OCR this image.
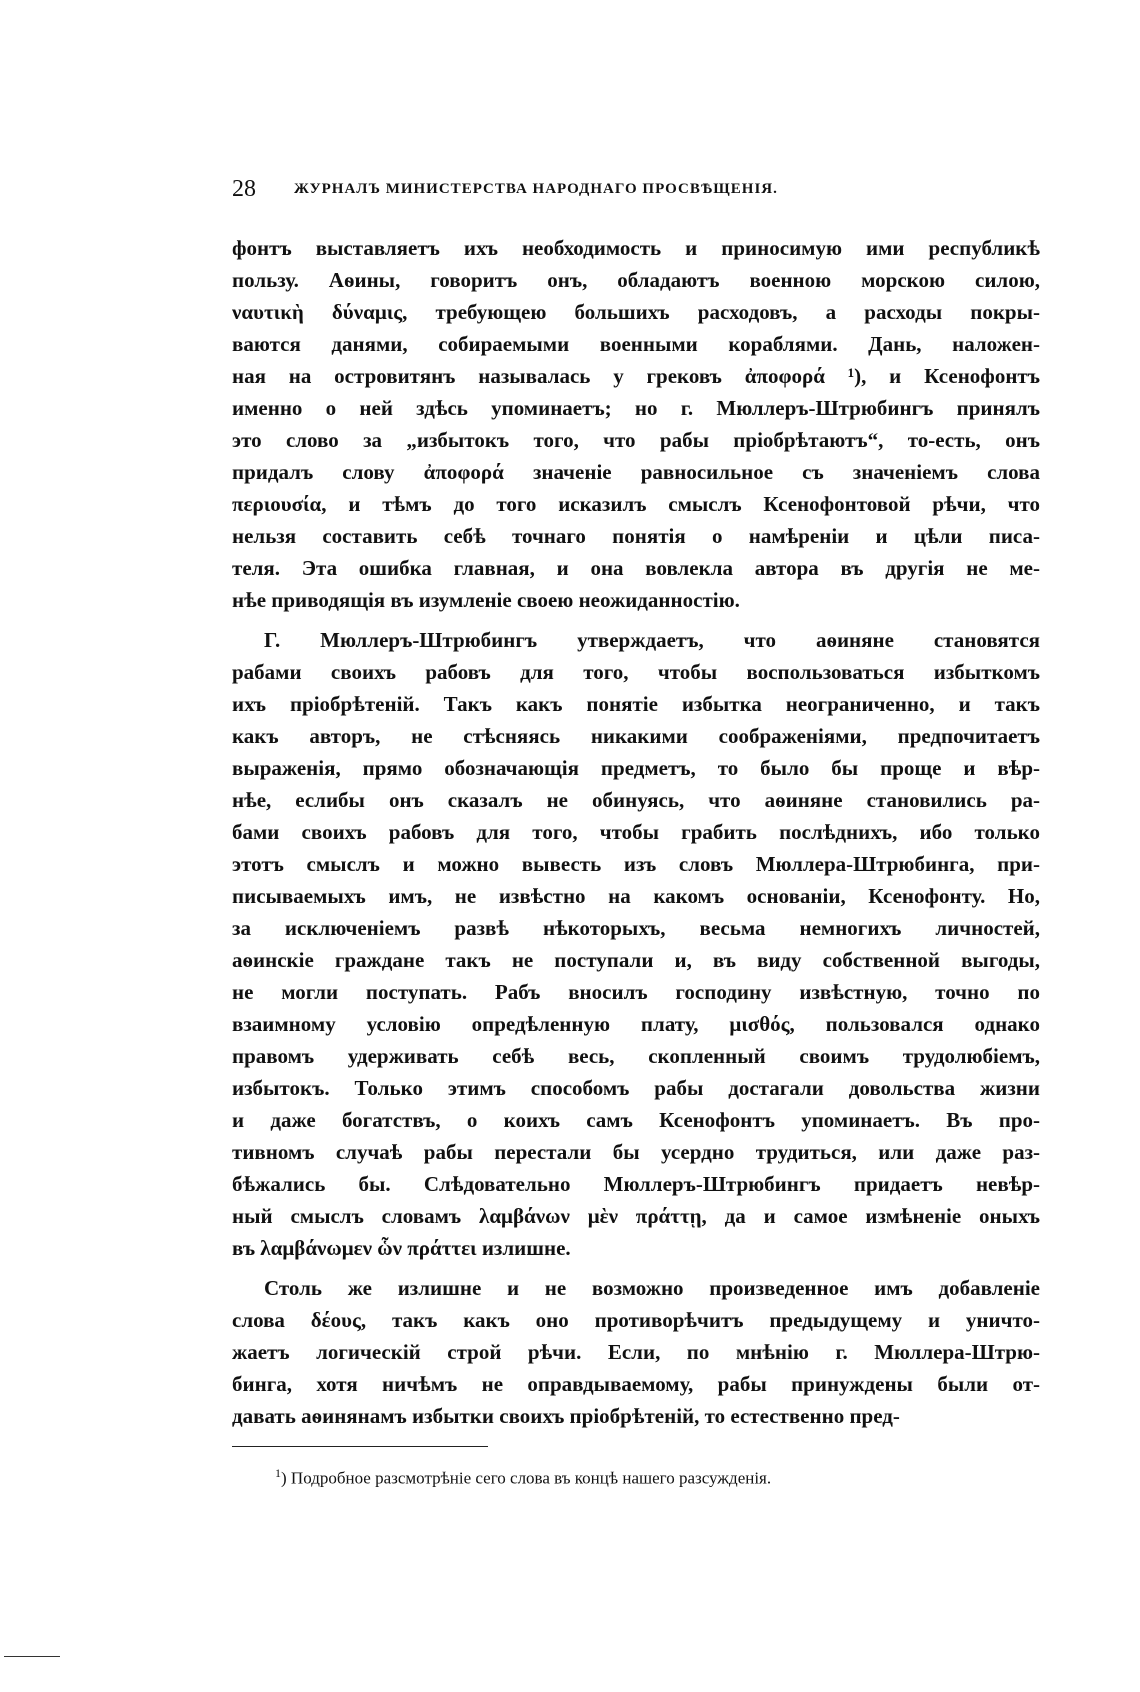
28	ЖУРНАЛЪ МИНИСТЕРСТВА НАРОДНАГО ПРОСВѢЩЕНІЯ.
фонтъ выставляетъ ихъ необходимость и приносимую ими республикѣ
пользу. Аѳины, говоритъ онъ, обладаютъ военною морскою силою,
ναυτικὴ δύναμις, требующею большихъ расходовъ, а расходы покры-
ваются данями, собираемыми военными кораблями. Дань, наложен-
ная на островитянъ называлась у грековъ ἀποφορά ¹), и Ксенофонтъ
именно о ней здѣсь упоминаетъ; но г. Мюллеръ-Штрюбингъ принялъ
это слово за „избытокъ того, что рабы пріобрѣтаютъ“, то-есть, онъ
придалъ слову ἀποφορά значеніе равносильное съ значеніемъ слова
περιουσία, и тѣмъ до того исказилъ смыслъ Ксенофонтовой рѣчи, что
нельзя составить себѣ точнаго понятія о намѣреніи и цѣли писа-
теля. Эта ошибка главная, и она вовлекла автора въ другія не ме-
нѣе приводящія въ изумленіе своею неожиданностію.
Г. Мюллеръ-Штрюбингъ утверждаетъ, что аѳиняне становятся
рабами своихъ рабовъ для того, чтобы воспользоваться избыткомъ
ихъ пріобрѣтеній. Такъ какъ понятіе избытка неограниченно, и такъ
какъ авторъ, не стѣсняясь никакими соображеніями, предпочитаетъ
выраженія, прямо обозначающія предметъ, то было бы проще и вѣр-
нѣе, еслибы онъ сказалъ не обинуясь, что аѳиняне становились ра-
бами своихъ рабовъ для того, чтобы грабить послѣднихъ, ибо только
этотъ смыслъ и можно вывесть изъ словъ Мюллера-Штрюбинга, при-
писываемыхъ имъ, не извѣстно на какомъ основаніи, Ксенофонту. Но,
за исключеніемъ развѣ нѣкоторыхъ, весьма немногихъ личностей,
аѳинскіе граждане такъ не поступали и, въ виду собственной выгоды,
не могли поступать. Рабъ вносилъ господину извѣстную, точно по
взаимному условію опредѣленную плату, μισθός, пользовался однако
правомъ удерживать себѣ весь, скопленный своимъ трудолюбіемъ,
избытокъ. Только этимъ способомъ рабы достагали довольства жизни
и даже богатствъ, о коихъ самъ Ксенофонтъ упоминаетъ. Въ про-
тивномъ случаѣ рабы перестали бы усердно трудиться, или даже раз-
бѣжались бы. Слѣдовательно Мюллеръ-Штрюбингъ придаетъ невѣр-
ный смыслъ словамъ λαμβάνων μὲν πράττῃ, да и самое измѣненіе оныхъ
въ λαμβάνωμεν ὧν πράττει излишне.
Столь же излишне и не возможно произведенное имъ добавленіе
слова δέους, такъ какъ оно противорѣчитъ предыдущему и уничто-
жаетъ логическій строй рѣчи. Если, по мнѣнію г. Мюллера-Штрю-
бинга, хотя ничѣмъ не оправдываемому, рабы принуждены были от-
давать аѳинянамъ избытки своихъ пріобрѣтеній, то естественно пред-
$^1$) Подробное разсмотрѣніе сего слова въ концѣ нашего разсужденія.
